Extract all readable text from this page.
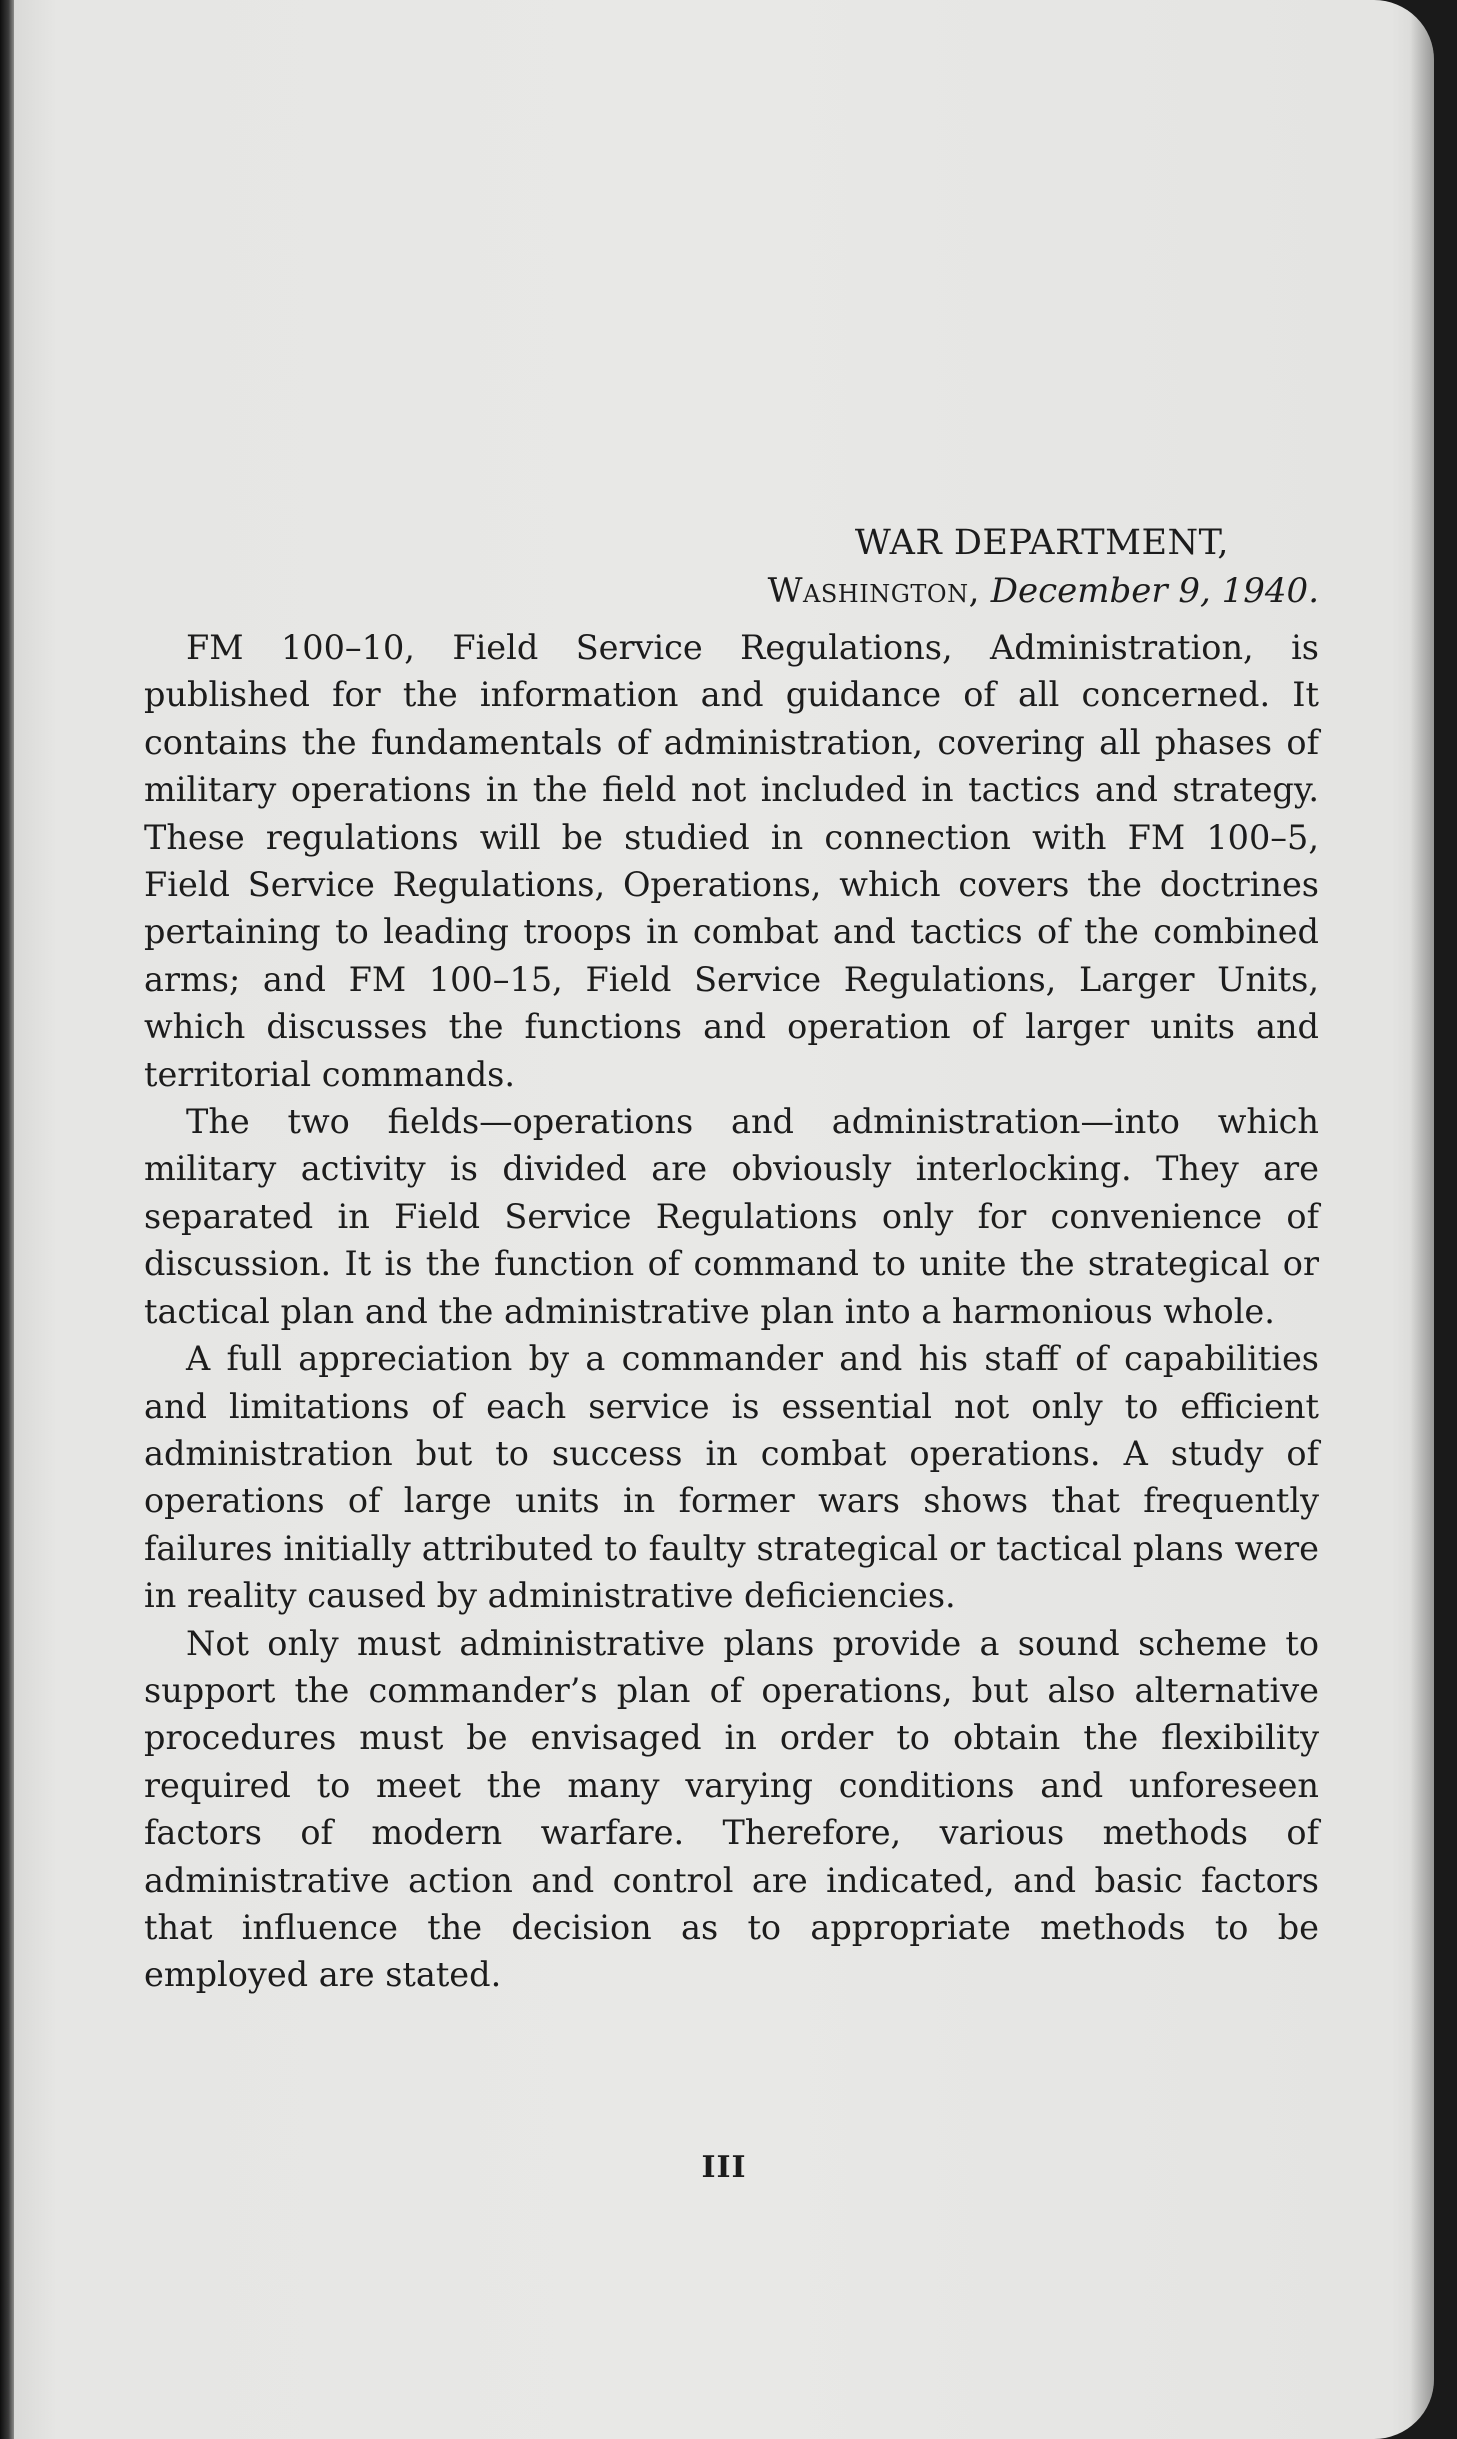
WAR DEPARTMENT,

Washington, December 9, 1940.

FM 100–10, Field Service Regulations, Administration, is published for the information and guidance of all concerned. It contains the fundamentals of administration, covering all phases of military operations in the field not included in tactics and strategy. These regulations will be studied in connection with FM 100–5, Field Service Regulations, Operations, which covers the doctrines pertaining to leading troops in combat and tactics of the combined arms; and FM 100–15, Field Service Regulations, Larger Units, which discusses the functions and operation of larger units and territorial commands.

The two fields—operations and administration—into which military activity is divided are obviously interlocking. They are separated in Field Service Regulations only for convenience of discussion. It is the function of command to unite the strategical or tactical plan and the administrative plan into a harmonious whole.

A full appreciation by a commander and his staff of capabilities and limitations of each service is essential not only to efficient administration but to success in combat operations. A study of operations of large units in former wars shows that frequently failures initially attributed to faulty strategical or tactical plans were in reality caused by administrative deficiencies.

Not only must administrative plans provide a sound scheme to support the commander’s plan of operations, but also alternative procedures must be envisaged in order to obtain the flexibility required to meet the many varying conditions and unforeseen factors of modern warfare. Therefore, various methods of administrative action and control are indicated, and basic factors that influence the decision as to appropriate methods to be employed are stated.

III
